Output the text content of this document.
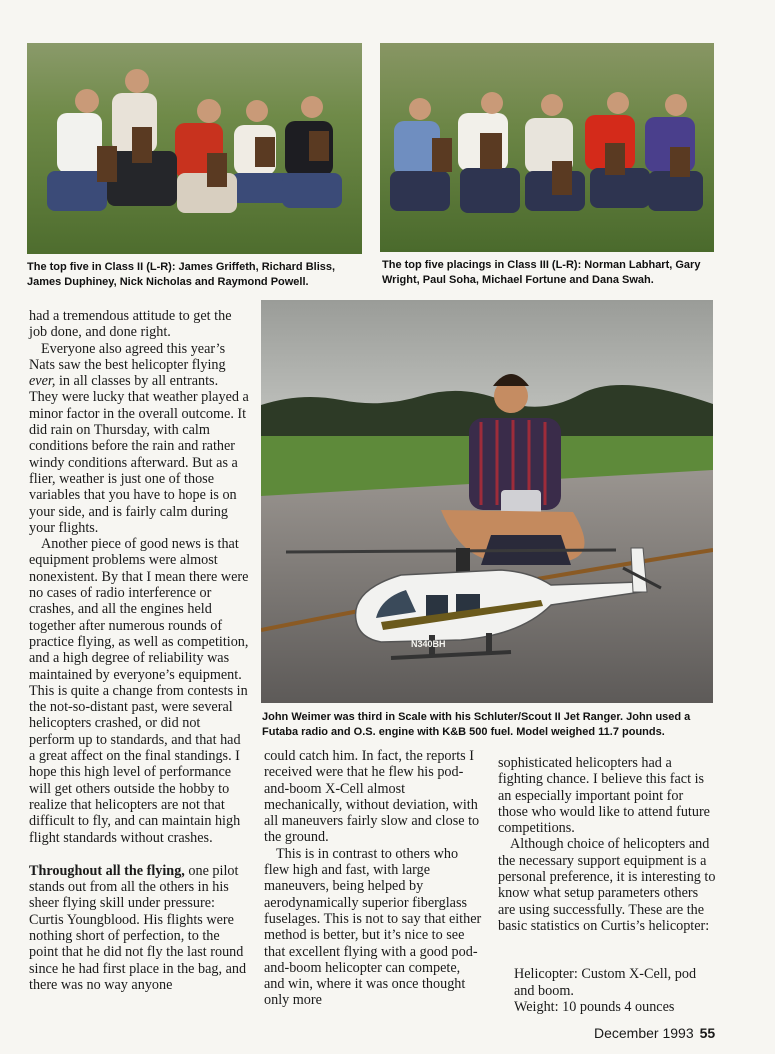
The top five in Class II (L-R): James Griffeth, Richard Bliss, James Duphiney, Nick Nicholas and Raymond Powell.
The top five placings in Class III (L-R): Norman Labhart, Gary Wright, Paul Soha, Michael Fortune and Dana Swah.
N340BH
John Weimer was third in Scale with his Schluter/Scout II Jet Ranger. John used a Futaba radio and O.S. engine with K&B 500 fuel. Model weighed 11.7 pounds.

had a tremendous attitude to get the job done, and done right.

Everyone also agreed this year’s Nats saw the best helicopter flying ever, in all classes by all entrants. They were lucky that weather played a minor factor in the overall outcome. It did rain on Thursday, with calm conditions before the rain and rather windy conditions afterward. But as a flier, weather is just one of those variables that you have to hope is on your side, and is fairly calm during your flights.

Another piece of good news is that equipment problems were almost nonexistent. By that I mean there were no cases of radio interference or crashes, and all the engines held together after numerous rounds of practice flying, as well as competition, and a high degree of reliability was maintained by everyone’s equipment. This is quite a change from contests in the not-so-distant past, were several helicopters crashed, or did not perform up to standards, and that had a great affect on the final standings. I hope this high level of performance will get others outside the hobby to realize that helicopters are not that difficult to fly, and can maintain high flight standards without crashes.

Throughout all the flying, one pilot stands out from all the others in his sheer flying skill under pressure: Curtis Youngblood. His flights were nothing short of perfection, to the point that he did not fly the last round since he had first place in the bag, and there was no way anyone

could catch him. In fact, the reports I received were that he flew his pod-and-boom X-Cell almost mechanically, without deviation, with all maneuvers fairly slow and close to the ground.

This is in contrast to others who flew high and fast, with large maneuvers, being helped by aerodynamically superior fiberglass fuselages. This is not to say that either method is better, but it’s nice to see that excellent flying with a good pod-and-boom helicopter can compete, and win, where it was once thought only more

sophisticated helicopters had a fighting chance. I believe this fact is an especially important point for those who would like to attend future competitions.

Although choice of helicopters and the necessary support equipment is a personal preference, it is interesting to know what setup parameters others are using successfully. These are the basic statistics on Curtis’s helicopter:

Helicopter: Custom X-Cell, pod and boom.

Weight: 10 pounds 4 ounces

December 1993 55
